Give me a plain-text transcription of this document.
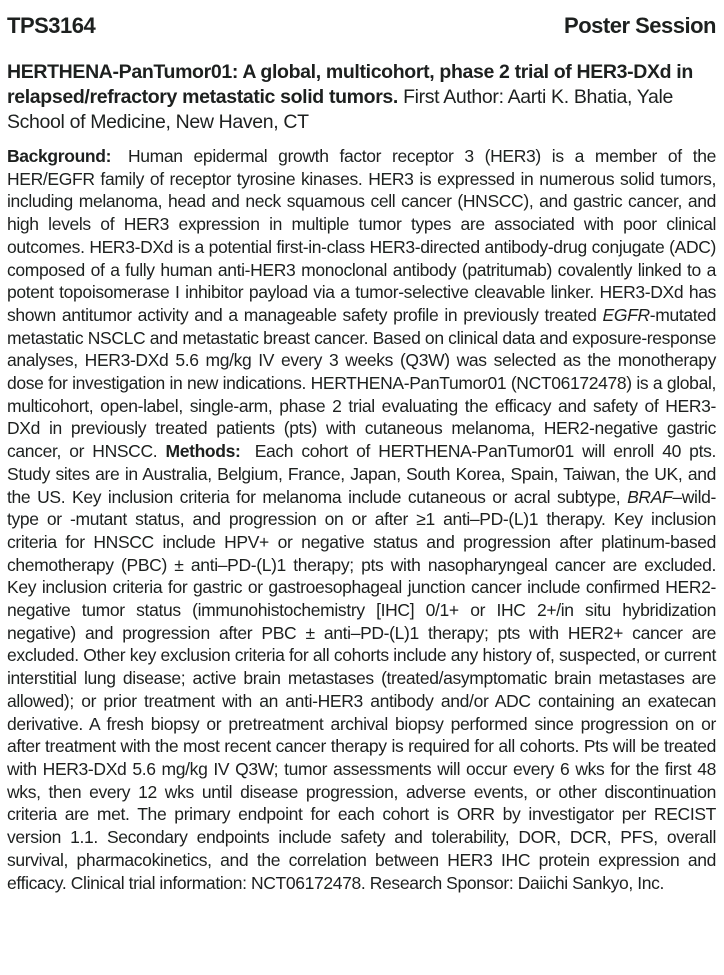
TPS3164	Poster Session
HERTHENA-PanTumor01: A global, multicohort, phase 2 trial of HER3-DXd in relapsed/refractory metastatic solid tumors. First Author: Aarti K. Bhatia, Yale School of Medicine, New Haven, CT

Background: Human epidermal growth factor receptor 3 (HER3) is a member of the HER/EGFR family of receptor tyrosine kinases. HER3 is expressed in numerous solid tumors, including melanoma, head and neck squamous cell cancer (HNSCC), and gastric cancer, and high levels of HER3 expression in multiple tumor types are associated with poor clinical outcomes. HER3-DXd is a potential first-in-class HER3-directed antibody-drug conjugate (ADC) composed of a fully human anti-HER3 monoclonal antibody (patritumab) covalently linked to a potent topoisomerase I inhibitor payload via a tumor-selective cleavable linker. HER3-DXd has shown antitumor activity and a manageable safety profile in previously treated EGFR-mutated metastatic NSCLC and metastatic breast cancer. Based on clinical data and exposure-response analyses, HER3-DXd 5.6 mg/kg IV every 3 weeks (Q3W) was selected as the monotherapy dose for investigation in new indications. HERTHENA-PanTumor01 (NCT06172478) is a global, multicohort, open-label, single-arm, phase 2 trial evaluating the efficacy and safety of HER3-DXd in previously treated patients (pts) with cutaneous melanoma, HER2-negative gastric cancer, or HNSCC. Methods: Each cohort of HERTHENA-PanTumor01 will enroll 40 pts. Study sites are in Australia, Belgium, France, Japan, South Korea, Spain, Taiwan, the UK, and the US. Key inclusion criteria for melanoma include cutaneous or acral subtype, BRAF–wild-type or -mutant status, and progression on or after ≥1 anti–PD-(L)1 therapy. Key inclusion criteria for HNSCC include HPV+ or negative status and progression after platinum-based chemotherapy (PBC) ± anti–PD-(L)1 therapy; pts with nasopharyngeal cancer are excluded. Key inclusion criteria for gastric or gastroesophageal junction cancer include confirmed HER2-negative tumor status (immunohistochemistry [IHC] 0/1+ or IHC 2+/in situ hybridization negative) and progression after PBC ± anti–PD-(L)1 therapy; pts with HER2+ cancer are excluded. Other key exclusion criteria for all cohorts include any history of, suspected, or current interstitial lung disease; active brain metastases (treated/asymptomatic brain metastases are allowed); or prior treatment with an anti-HER3 antibody and/or ADC containing an exatecan derivative. A fresh biopsy or pretreatment archival biopsy performed since progression on or after treatment with the most recent cancer therapy is required for all cohorts. Pts will be treated with HER3-DXd 5.6 mg/kg IV Q3W; tumor assessments will occur every 6 wks for the first 48 wks, then every 12 wks until disease progression, adverse events, or other discontinuation criteria are met. The primary endpoint for each cohort is ORR by investigator per RECIST version 1.1. Secondary endpoints include safety and tolerability, DOR, DCR, PFS, overall survival, pharmacokinetics, and the correlation between HER3 IHC protein expression and efficacy. Clinical trial information: NCT06172478. Research Sponsor: Daiichi Sankyo, Inc.
